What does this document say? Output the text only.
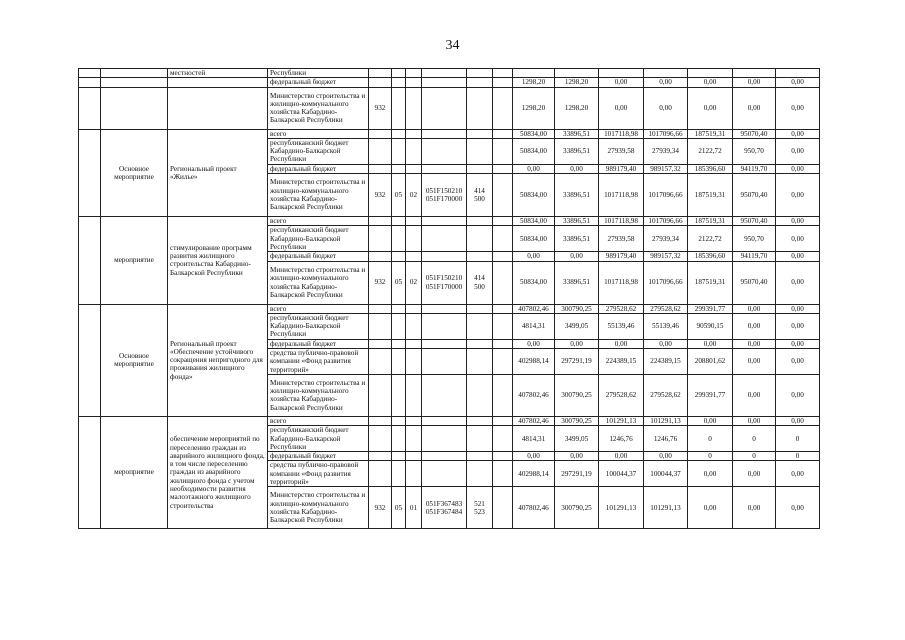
34
		местностей	Республики													
			федеральный бюджет							1298,20	1298,20	0,00	0,00	0,00	0,00	0,00
			Министерство строительства и жилищно-коммунального хозяйства Кабардино-Балкарской Республики	932						1298,20	1298,20	0,00	0,00	0,00	0,00	0,00
	Основное мероприятие	Региональный проект «Жилье»	всего							50834,00	33896,51	1017118,98	1017096,66	187519,31	95070,40	0,00
			республиканский бюджет Кабардино-Балкарской Республики							50834,00	33896,51	27939,58	27939,34	2122,72	950,70	0,00
			федеральный бюджет							0,00	0,00	989179,40	989157,32	185396,60	94119,70	0,00
			Министерство строительства и жилищно-коммунального хозяйства Кабардино-Балкарской Республики	932	05	02	051F150210 051F170000	414 500		50834,00	33896,51	1017118,98	1017096,66	187519,31	95070,40	0,00
	мероприятие	стимулирование программ развития жилищного строительства Кабардино-Балкарской Республики	всего							50834,00	33896,51	1017118,98	1017096,66	187519,31	95070,40	0,00
			республиканский бюджет Кабардино-Балкарской Республики							50834,00	33896,51	27939,58	27939,34	2122,72	950,70	0,00
			федеральный бюджет							0,00	0,00	989179,40	989157,32	185396,60	94119,70	0,00
			Министерство строительства и жилищно-коммунального хозяйства Кабардино-Балкарской Республики	932	05	02	051F150210 051F170000	414 500		50834,00	33896,51	1017118,98	1017096,66	187519,31	95070,40	0,00
	Основное мероприятие	Региональный проект «Обеспечение устойчивого сокращения непригодного для проживания жилищного фонда»	всего							407802,46	300790,25	279528,62	279528,62	299391,77	0,00	0,00
			республиканский бюджет Кабардино-Балкарской Республики							4814,31	3499,05	55139,46	55139,46	90590,15	0,00	0,00
			федеральный бюджет							0,00	0,00	0,00	0,00	0,00	0,00	0,00
			средства публично-правовой компании «Фонд развития территорий»							402988,14	297291,19	224389,15	224389,15	208801,62	0,00	0,00
			Министерство строительства и жилищно-коммунального хозяйства Кабардино-Балкарской Республики							407802,46	300790,25	279528,62	279528,62	299391,77	0,00	0,00
	мероприятие	обеспечение мероприятий по переселению граждан из аварийного жилищного фонда, в том числе переселению граждан из аварийного жилищного фонда с учетом необходимости развития малоэтажного жилищного строительства	всего							407802,46	300790,25	101291,13	101291,13	0,00	0,00	0,00
			республиканский бюджет Кабардино-Балкарской Республики							4814,31	3499,05	1246,76	1246,76	0	0	0
			федеральный бюджет							0,00	0,00	0,00	0,00	0	0	0
			средства публично-правовой компании «Фонд развития территорий»							402988,14	297291,19	100044,37	100044,37	0,00	0,00	0,00
			Министерство строительства и жилищно-коммунального хозяйства Кабардино-Балкарской Республики	932	05	01	051F367483 051F367484	521 523		407802,46	300790,25	101291,13	101291,13	0,00	0,00	0,00
